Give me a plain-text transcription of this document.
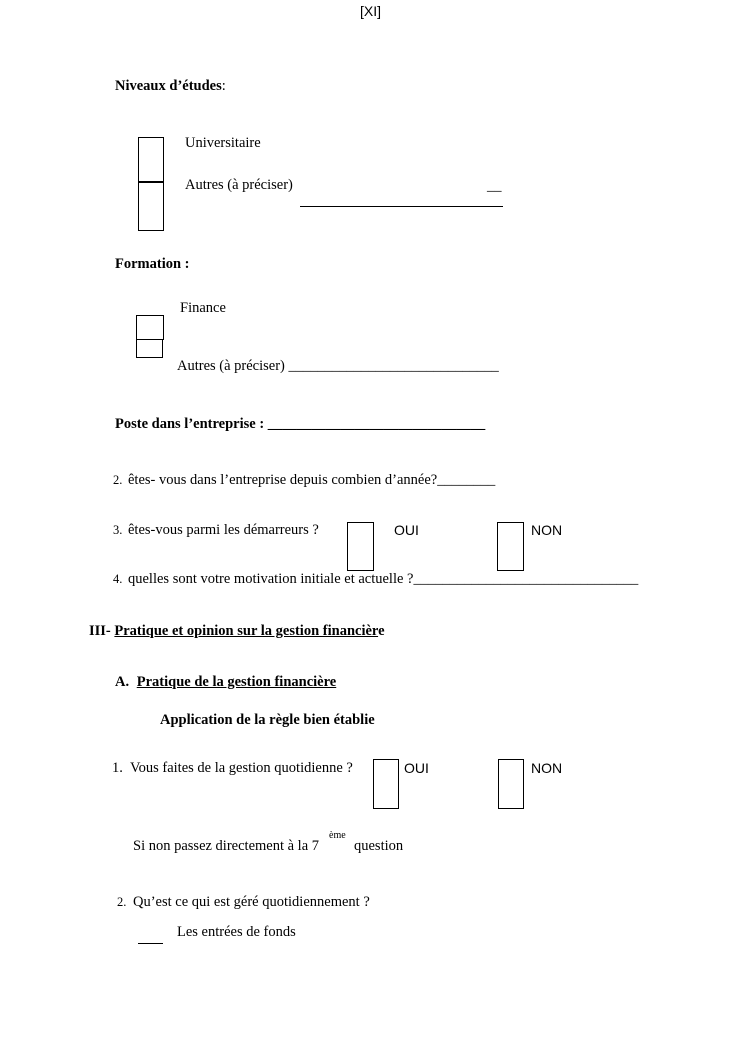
[XI]
Niveaux d’études:
Universitaire
Autres (à préciser)	__
Formation :
Finance
Autres (à préciser) _____________________________
Poste dans l’entreprise : ______________________________
2. êtes- vous dans l’entreprise depuis combien d’année?________
3. êtes-vous parmi les démarreurs ?	OUI	NON
4. quelles sont votre motivation initiale et actuelle ?_______________________________
III- Pratique et opinion sur la gestion financière
A. Pratique de la gestion financière
Application de la règle bien établie
1. Vous faites de la gestion quotidienne ?	OUI	NON
Si non passez directement à la 7
ème
question
2. Qu’est ce qui est géré quotidiennement ?
Les entrées de fonds
